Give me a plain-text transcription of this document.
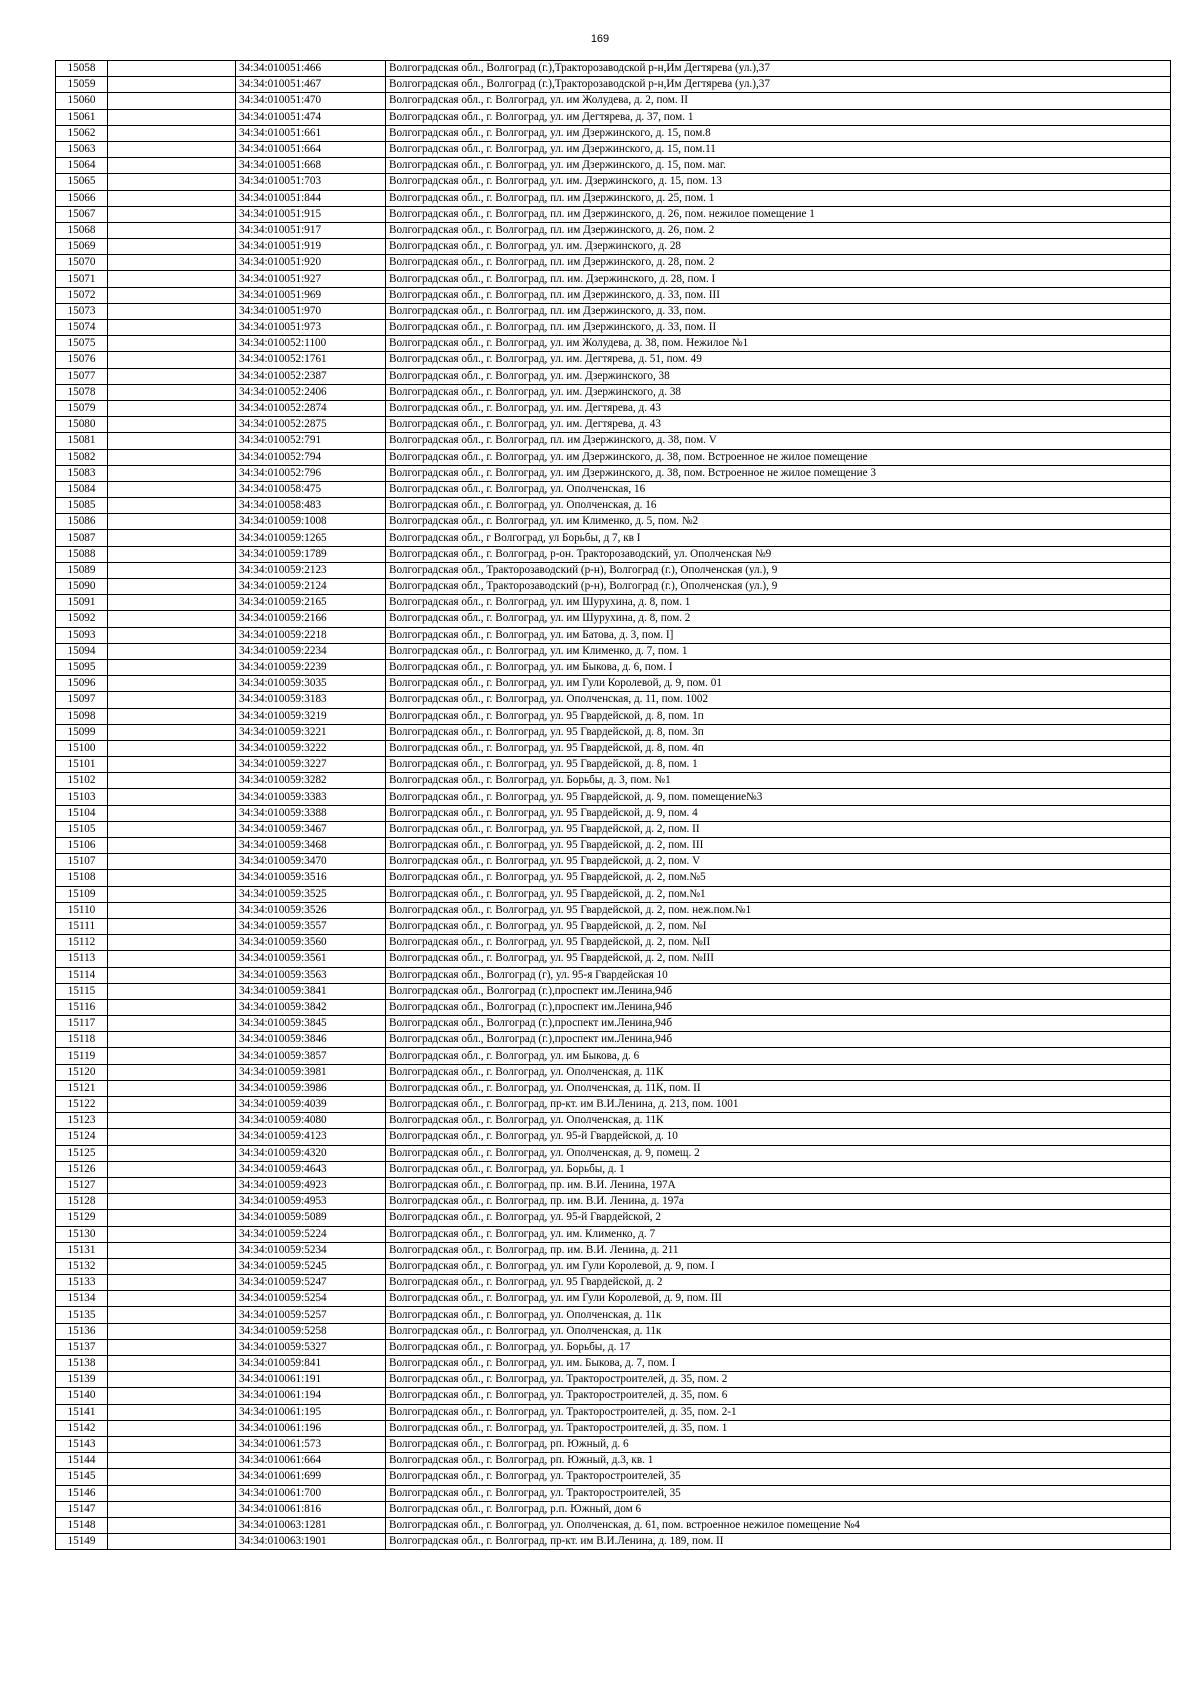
169
15058		34:34:010051:466	Волгоградская обл., Волгоград (г.),Тракторозаводской р-н,Им Дегтярева (ул.),37
15059		34:34:010051:467	Волгоградская обл., Волгоград (г.),Тракторозаводской р-н,Им Дегтярева (ул.),37
15060		34:34:010051:470	Волгоградская обл., г. Волгоград, ул. им Жолудева, д. 2, пом. II
15061		34:34:010051:474	Волгоградская обл., г. Волгоград, ул. им Дегтярева, д. 37, пом. 1
15062		34:34:010051:661	Волгоградская обл., г. Волгоград, ул. им Дзержинского, д. 15, пом.8
15063		34:34:010051:664	Волгоградская обл., г. Волгоград, ул. им Дзержинского, д. 15, пом.11
15064		34:34:010051:668	Волгоградская обл., г. Волгоград, ул. им Дзержинского, д. 15, пом. маг.
15065		34:34:010051:703	Волгоградская обл., г. Волгоград, ул. им. Дзержинского, д. 15, пом. 13
15066		34:34:010051:844	Волгоградская обл., г. Волгоград, пл. им Дзержинского, д. 25, пом. 1
15067		34:34:010051:915	Волгоградская обл., г. Волгоград, пл. им Дзержинского, д. 26, пом. нежилое помещение 1
15068		34:34:010051:917	Волгоградская обл., г. Волгоград, пл. им Дзержинского, д. 26, пом. 2
15069		34:34:010051:919	Волгоградская обл., г. Волгоград, ул. им. Дзержинского, д. 28
15070		34:34:010051:920	Волгоградская обл., г. Волгоград, пл. им Дзержинского, д. 28, пом. 2
15071		34:34:010051:927	Волгоградская обл., г. Волгоград, пл. им. Дзержинского, д. 28, пом. I
15072		34:34:010051:969	Волгоградская обл., г. Волгоград, пл. им Дзержинского, д. 33, пом. III
15073		34:34:010051:970	Волгоградская обл., г. Волгоград, пл. им Дзержинского, д. 33, пом.
15074		34:34:010051:973	Волгоградская обл., г. Волгоград, пл. им Дзержинского, д. 33, пом. II
15075		34:34:010052:1100	Волгоградская обл., г. Волгоград, ул. им Жолудева, д. 38, пом. Нежилое №1
15076		34:34:010052:1761	Волгоградская обл., г. Волгоград, ул. им. Дегтярева, д. 51, пом. 49
15077		34:34:010052:2387	Волгоградская обл., г. Волгоград, ул. им. Дзержинского, 38
15078		34:34:010052:2406	Волгоградская обл., г. Волгоград, ул. им. Дзержинского, д. 38
15079		34:34:010052:2874	Волгоградская обл., г. Волгоград, ул. им. Дегтярева, д. 43
15080		34:34:010052:2875	Волгоградская обл., г. Волгоград, ул. им. Дегтярева, д. 43
15081		34:34:010052:791	Волгоградская обл., г. Волгоград, пл. им Дзержинского, д. 38, пом. V
15082		34:34:010052:794	Волгоградская обл., г. Волгоград, ул. им Дзержинского, д. 38, пом. Встроенное не жилое помещение
15083		34:34:010052:796	Волгоградская обл., г. Волгоград, ул. им Дзержинского, д. 38, пом. Встроенное не жилое помещение 3
15084		34:34:010058:475	Волгоградская обл., г. Волгоград, ул. Ополченская, 16
15085		34:34:010058:483	Волгоградская обл., г. Волгоград, ул. Ополченская, д. 16
15086		34:34:010059:1008	Волгоградская обл., г. Волгоград, ул. им Клименко, д. 5, пом. №2
15087		34:34:010059:1265	Волгоградская обл., г Волгоград, ул Борьбы, д 7, кв I
15088		34:34:010059:1789	Волгоградская обл., г. Волгоград, р-он. Тракторозаводский, ул. Ополченская №9
15089		34:34:010059:2123	Волгоградская обл., Тракторозаводский (р-н), Волгоград (г.), Ополченская (ул.), 9
15090		34:34:010059:2124	Волгоградская обл., Тракторозаводский (р-н), Волгоград (г.), Ополченская (ул.), 9
15091		34:34:010059:2165	Волгоградская обл., г. Волгоград, ул. им Шурухина, д. 8, пом. 1
15092		34:34:010059:2166	Волгоградская обл., г. Волгоград, ул. им Шурухина, д. 8, пом. 2
15093		34:34:010059:2218	Волгоградская обл., г. Волгоград, ул. им Батова, д. 3, пом. I]
15094		34:34:010059:2234	Волгоградская обл., г. Волгоград, ул. им Клименко, д. 7, пом. 1
15095		34:34:010059:2239	Волгоградская обл., г. Волгоград, ул. им Быкова, д. 6, пом. I
15096		34:34:010059:3035	Волгоградская обл., г. Волгоград, ул. им Гули Королевой, д. 9, пом. 01
15097		34:34:010059:3183	Волгоградская обл., г. Волгоград, ул. Ополченская, д. 11, пом. 1002
15098		34:34:010059:3219	Волгоградская обл., г. Волгоград, ул. 95 Гвардейской, д. 8, пом. 1п
15099		34:34:010059:3221	Волгоградская обл., г. Волгоград, ул. 95 Гвардейской, д. 8, пом. 3п
15100		34:34:010059:3222	Волгоградская обл., г. Волгоград, ул. 95 Гвардейской, д. 8, пом. 4п
15101		34:34:010059:3227	Волгоградская обл., г. Волгоград, ул. 95 Гвардейской, д. 8, пом. 1
15102		34:34:010059:3282	Волгоградская обл., г. Волгоград, ул. Борьбы, д. 3, пом. №1
15103		34:34:010059:3383	Волгоградская обл., г. Волгоград, ул. 95 Гвардейской, д. 9, пом. помещение№3
15104		34:34:010059:3388	Волгоградская обл., г. Волгоград, ул. 95 Гвардейской, д. 9, пом. 4
15105		34:34:010059:3467	Волгоградская обл., г. Волгоград, ул. 95 Гвардейской, д. 2, пом. II
15106		34:34:010059:3468	Волгоградская обл., г. Волгоград, ул. 95 Гвардейской, д. 2, пом. III
15107		34:34:010059:3470	Волгоградская обл., г. Волгоград, ул. 95 Гвардейской, д. 2, пом. V
15108		34:34:010059:3516	Волгоградская обл., г. Волгоград, ул. 95 Гвардейской, д. 2, пом.№5
15109		34:34:010059:3525	Волгоградская обл., г. Волгоград, ул. 95 Гвардейской, д. 2, пом.№1
15110		34:34:010059:3526	Волгоградская обл., г. Волгоград, ул. 95 Гвардейской, д. 2, пом. неж.пом.№1
15111		34:34:010059:3557	Волгоградская обл., г. Волгоград, ул. 95 Гвардейской, д. 2, пом. №I
15112		34:34:010059:3560	Волгоградская обл., г. Волгоград, ул. 95 Гвардейской, д. 2, пом. №II
15113		34:34:010059:3561	Волгоградская обл., г. Волгоград, ул. 95 Гвардейской, д. 2, пом. №III
15114		34:34:010059:3563	Волгоградская обл., Волгоград (г), ул. 95-я Гвардейская 10
15115		34:34:010059:3841	Волгоградская обл., Волгоград (г.),проспект им.Ленина,94б
15116		34:34:010059:3842	Волгоградская обл., Волгоград (г.),проспект им.Ленина,94б
15117		34:34:010059:3845	Волгоградская обл., Волгоград (г.),проспект им.Ленина,94б
15118		34:34:010059:3846	Волгоградская обл., Волгоград (г.),проспект им.Ленина,94б
15119		34:34:010059:3857	Волгоградская обл., г. Волгоград, ул. им Быкова, д. 6
15120		34:34:010059:3981	Волгоградская обл., г. Волгоград, ул. Ополченская, д. 11К
15121		34:34:010059:3986	Волгоградская обл., г. Волгоград, ул. Ополченская, д. 11К, пом. II
15122		34:34:010059:4039	Волгоградская обл., г. Волгоград, пр-кт. им В.И.Ленина, д. 213, пом. 1001
15123		34:34:010059:4080	Волгоградская обл., г. Волгоград, ул. Ополченская, д. 11К
15124		34:34:010059:4123	Волгоградская обл., г. Волгоград, ул. 95-й Гвардейской, д. 10
15125		34:34:010059:4320	Волгоградская обл., г. Волгоград, ул. Ополченская, д. 9, помещ. 2
15126		34:34:010059:4643	Волгоградская обл., г. Волгоград, ул. Борьбы, д. 1
15127		34:34:010059:4923	Волгоградская обл., г. Волгоград, пр. им. В.И. Ленина, 197А
15128		34:34:010059:4953	Волгоградская обл., г. Волгоград, пр. им. В.И. Ленина, д. 197а
15129		34:34:010059:5089	Волгоградская обл., г. Волгоград, ул. 95-й Гвардейской, 2
15130		34:34:010059:5224	Волгоградская обл., г. Волгоград, ул. им. Клименко, д. 7
15131		34:34:010059:5234	Волгоградская обл., г. Волгоград, пр. им. В.И. Ленина, д. 211
15132		34:34:010059:5245	Волгоградская обл., г. Волгоград, ул. им Гули Королевой, д. 9, пом. I
15133		34:34:010059:5247	Волгоградская обл., г. Волгоград, ул. 95 Гвардейской, д. 2
15134		34:34:010059:5254	Волгоградская обл., г. Волгоград, ул. им Гули Королевой, д. 9, пом. III
15135		34:34:010059:5257	Волгоградская обл., г. Волгоград, ул. Ополченская, д. 11к
15136		34:34:010059:5258	Волгоградская обл., г. Волгоград, ул. Ополченская, д. 11к
15137		34:34:010059:5327	Волгоградская обл., г. Волгоград, ул. Борьбы, д. 17
15138		34:34:010059:841	Волгоградская обл., г. Волгоград, ул. им. Быкова, д. 7, пом. I
15139		34:34:010061:191	Волгоградская обл., г. Волгоград, ул. Тракторостроителей, д. 35, пом. 2
15140		34:34:010061:194	Волгоградская обл., г. Волгоград, ул. Тракторостроителей, д. 35, пом. 6
15141		34:34:010061:195	Волгоградская обл., г. Волгоград, ул. Тракторостроителей, д. 35, пом. 2-1
15142		34:34:010061:196	Волгоградская обл., г. Волгоград, ул. Тракторостроителей, д. 35, пом. 1
15143		34:34:010061:573	Волгоградская обл., г. Волгоград, рп. Южный, д. 6
15144		34:34:010061:664	Волгоградская обл., г. Волгоград, рп. Южный, д.3, кв. 1
15145		34:34:010061:699	Волгоградская обл., г. Волгоград, ул. Тракторостроителей, 35
15146		34:34:010061:700	Волгоградская обл., г. Волгоград, ул. Тракторостроителей, 35
15147		34:34:010061:816	Волгоградская обл., г. Волгоград, р.п. Южный, дом 6
15148		34:34:010063:1281	Волгоградская обл., г. Волгоград, ул. Ополченская, д. 61, пом. встроенное нежилое помещение №4
15149		34:34:010063:1901	Волгоградская обл., г. Волгоград, пр-кт. им В.И.Ленина, д. 189, пом. II
